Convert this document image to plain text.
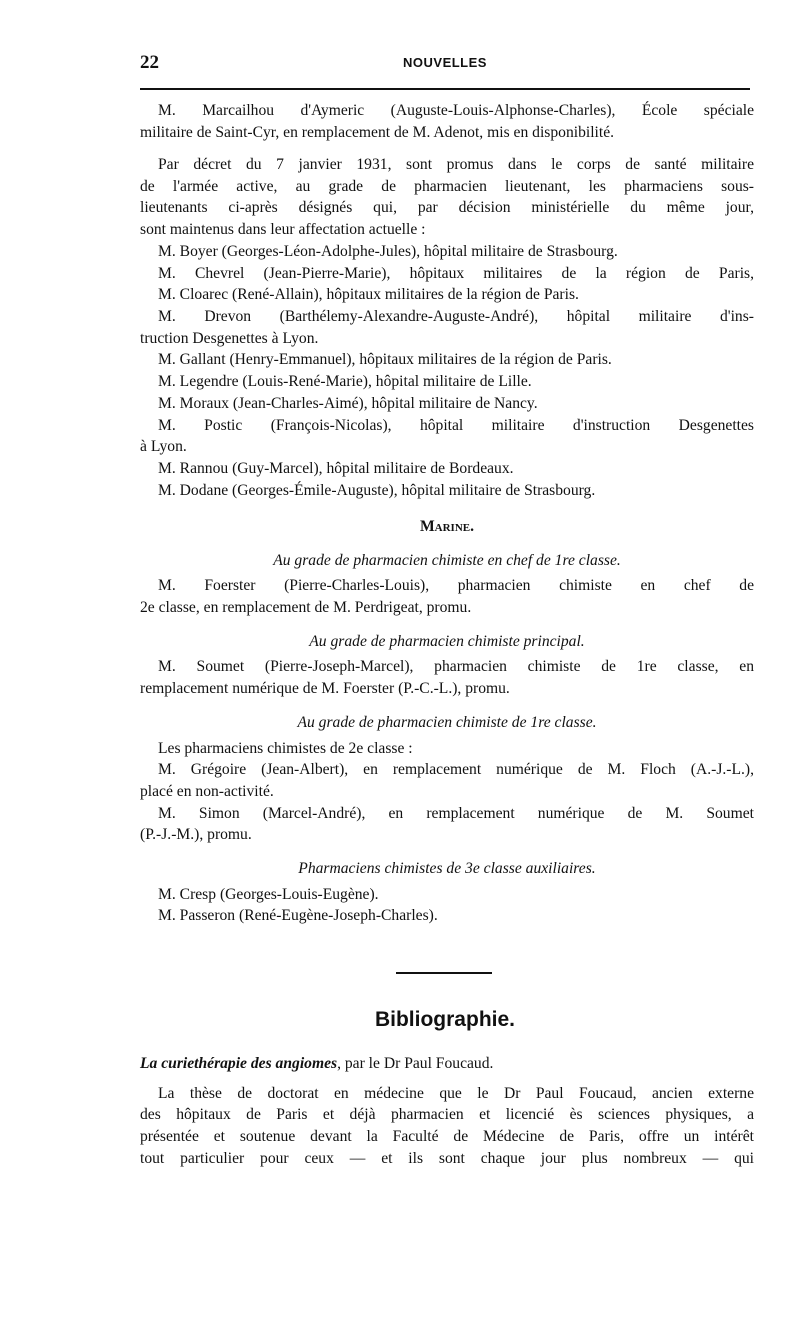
22	NOUVELLES
M. Marcailhou d'Aymeric (Auguste-Louis-Alphonse-Charles), École spéciale
militaire de Saint-Cyr, en remplacement de M. Adenot, mis en disponibilité.
Par décret du 7 janvier 1931, sont promus dans le corps de santé militaire
de l'armée active, au grade de pharmacien lieutenant, les pharmaciens sous-
lieutenants ci-après désignés qui, par décision ministérielle du même jour,
sont maintenus dans leur affectation actuelle :
M. Boyer (Georges-Léon-Adolphe-Jules), hôpital militaire de Strasbourg.
M. Chevrel (Jean-Pierre-Marie), hôpitaux militaires de la région de Paris,
M. Cloarec (René-Allain), hôpitaux militaires de la région de Paris.
M. Drevon (Barthélemy-Alexandre-Auguste-André), hôpital militaire d'ins-
truction Desgenettes à Lyon.
M. Gallant (Henry-Emmanuel), hôpitaux militaires de la région de Paris.
M. Legendre (Louis-René-Marie), hôpital militaire de Lille.
M. Moraux (Jean-Charles-Aimé), hôpital militaire de Nancy.
M. Postic (François-Nicolas), hôpital militaire d'instruction Desgenettes
à Lyon.
M. Rannou (Guy-Marcel), hôpital militaire de Bordeaux.
M. Dodane (Georges-Émile-Auguste), hôpital militaire de Strasbourg.
Marine.
Au grade de pharmacien chimiste en chef de 1re classe.
M. Foerster (Pierre-Charles-Louis), pharmacien chimiste en chef de
2e classe, en remplacement de M. Perdrigeat, promu.
Au grade de pharmacien chimiste principal.
M. Soumet (Pierre-Joseph-Marcel), pharmacien chimiste de 1re classe, en
remplacement numérique de M. Foerster (P.-C.-L.), promu.
Au grade de pharmacien chimiste de 1re classe.
Les pharmaciens chimistes de 2e classe :
M. Grégoire (Jean-Albert), en remplacement numérique de M. Floch (A.-J.-L.),
placé en non-activité.
M. Simon (Marcel-André), en remplacement numérique de M. Soumet
(P.-J.-M.), promu.
Pharmaciens chimistes de 3e classe auxiliaires.
M. Cresp (Georges-Louis-Eugène).
M. Passeron (René-Eugène-Joseph-Charles).
Bibliographie.
La curiethérapie des angiomes, par le Dr Paul Foucaud.
La thèse de doctorat en médecine que le Dr Paul Foucaud, ancien externe
des hôpitaux de Paris et déjà pharmacien et licencié ès sciences physiques, a
présentée et soutenue devant la Faculté de Médecine de Paris, offre un intérêt
tout particulier pour ceux — et ils sont chaque jour plus nombreux — qui
